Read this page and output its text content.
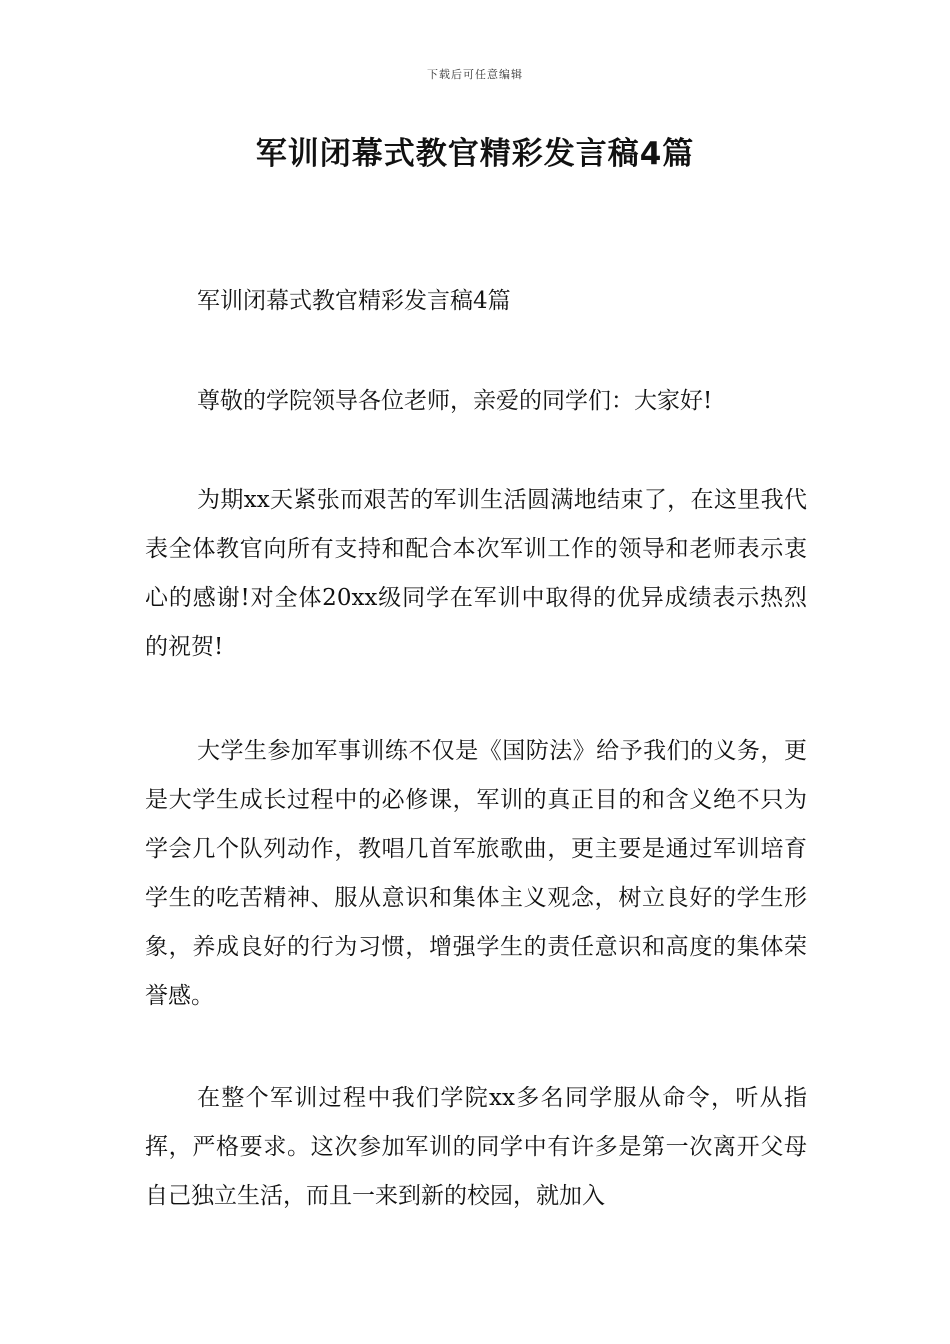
下载后可任意编辑
军训闭幕式教官精彩发言稿4篇
军训闭幕式教官精彩发言稿4篇
尊敬的学院领导各位老师，亲爱的同学们：大家好!

为期xx天紧张而艰苦的军训生活圆满地结束了，在这里我代表全体教官向所有支持和配合本次军训工作的领导和老师表示衷心的感谢!对全体20xx级同学在军训中取得的优异成绩表示热烈的祝贺!

大学生参加军事训练不仅是《国防法》给予我们的义务，更是大学生成长过程中的必修课，军训的真正目的和含义绝不只为学会几个队列动作，教唱几首军旅歌曲，更主要是通过军训培育学生的吃苦精神、服从意识和集体主义观念，树立良好的学生形象，养成良好的行为习惯，增强学生的责任意识和高度的集体荣誉感。

在整个军训过程中我们学院xx多名同学服从命令，听从指挥，严格要求。这次参加军训的同学中有许多是第一次离开父母自己独立生活，而且一来到新的校园，就加入
